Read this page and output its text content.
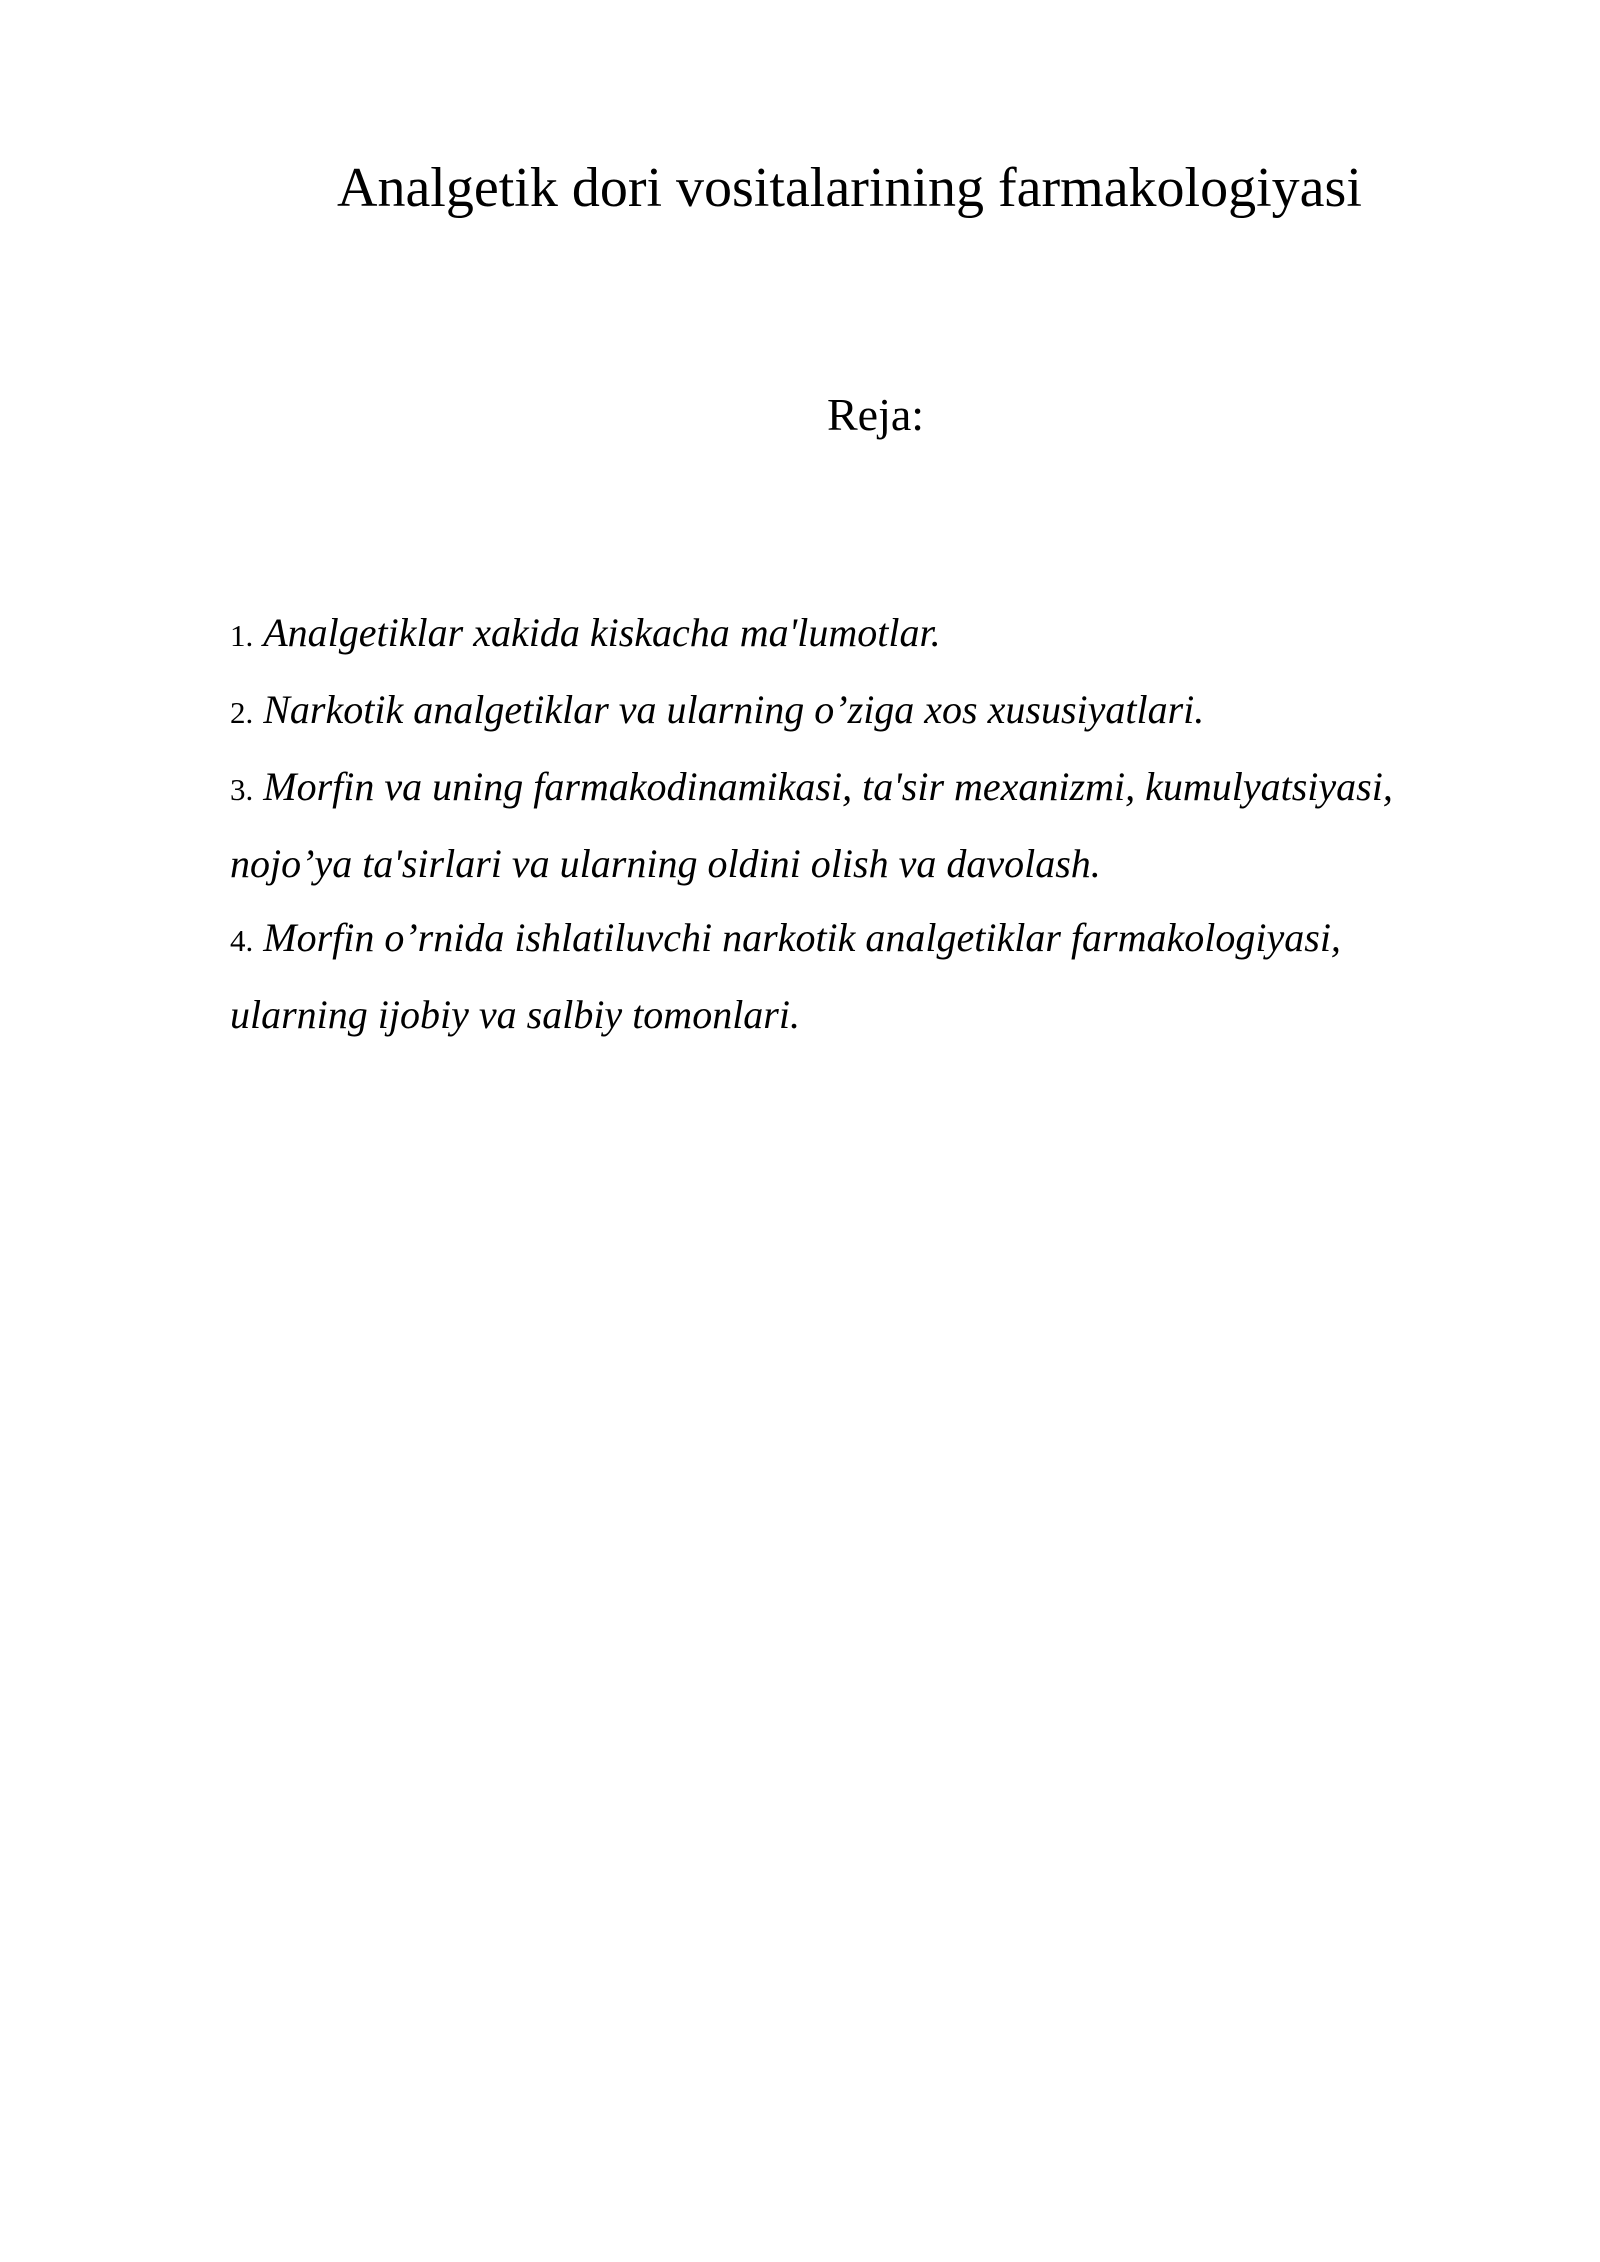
Analgetik dori vositalarining farmakologiyasi
Reja:
1. Analgetiklar xakida kiskacha ma'lumotlar.
2. Narkotik analgetiklar va ularning o’ziga xos xususiyatlari.
3. Morfin va uning farmakodinamikasi, ta'sir mexanizmi, kumulyatsiyasi,
nojo’ya ta'sirlari va ularning oldini olish va davolash.
4. Morfin o’rnida ishlatiluvchi narkotik analgetiklar farmakologiyasi,
ularning ijobiy va salbiy tomonlari.
